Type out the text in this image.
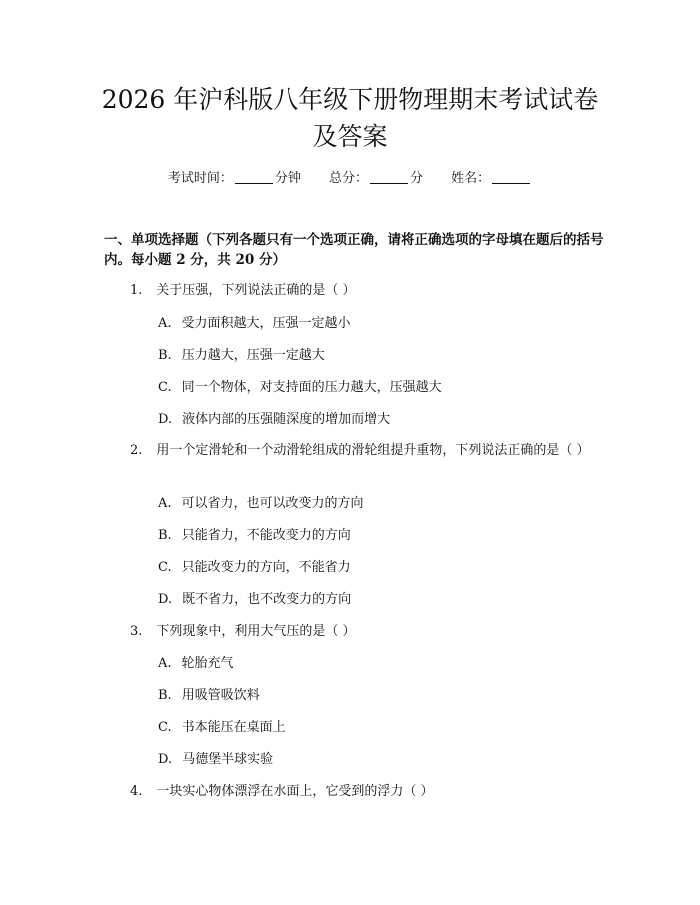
2026 年沪科版八年级下册物理期末考试试卷
及答案
考试时间：	分钟 总分：	分 姓名：

一、单项选择题（下列各题只有一个选项正确，请将正确选项的字母填在题后的括号内。每小题 2 分，共 20 分）

1. 关于压强，下列说法正确的是（ ）

A. 受力面积越大，压强一定越小

B. 压力越大，压强一定越大

C. 同一个物体，对支持面的压力越大，压强越大

D. 液体内部的压强随深度的增加而增大

2. 用一个定滑轮和一个动滑轮组成的滑轮组提升重物，下列说法正确的是（ ）

A. 可以省力，也可以改变力的方向

B. 只能省力，不能改变力的方向

C. 只能改变力的方向，不能省力

D. 既不省力，也不改变力的方向

3. 下列现象中，利用大气压的是（ ）

A. 轮胎充气

B. 用吸管吸饮料

C. 书本能压在桌面上

D. 马德堡半球实验

4. 一块实心物体漂浮在水面上，它受到的浮力（ ）
